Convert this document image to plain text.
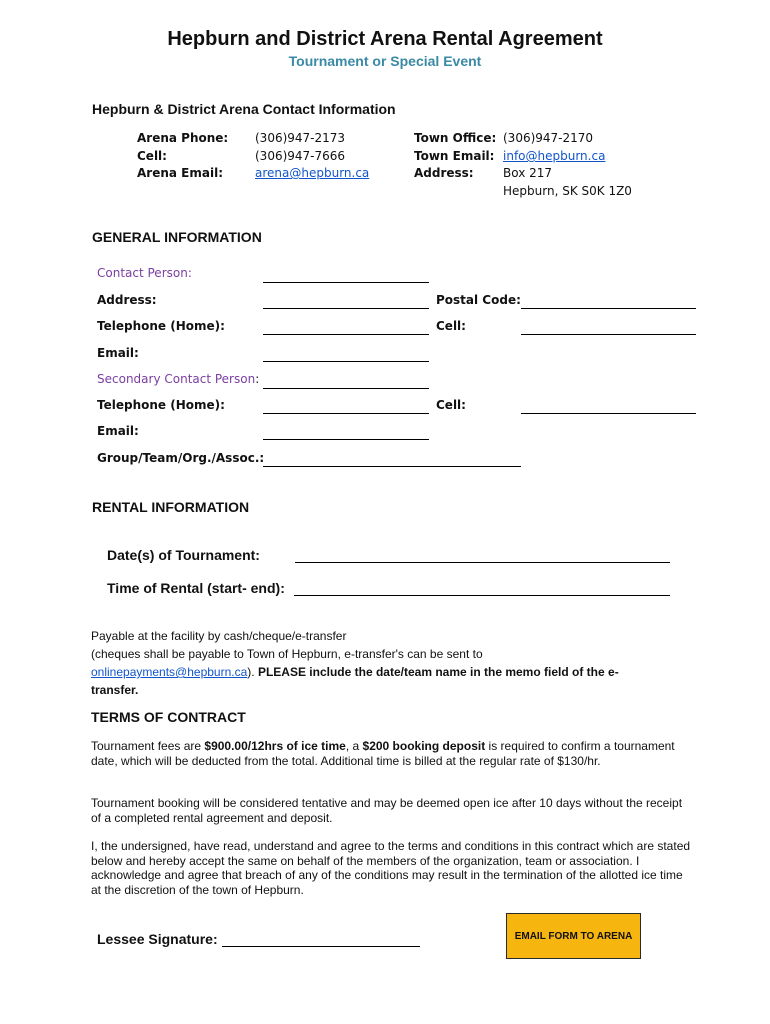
Hepburn and District Arena Rental Agreement
Tournament or Special Event
Hepburn & District Arena Contact Information
Arena Phone: (306)947-2173
Cell:	(306)947-7666
Arena Email:	arena@hepburn.ca
Town Office: (306)947-2170
Town Email: info@hepburn.ca
Address: Box 217
Hepburn, SK S0K 1Z0
GENERAL INFORMATION
Contact Person:
Address:	Postal Code:
Telephone (Home):	Cell:
Email:
Secondary Contact Person:
Telephone (Home):	Cell:
Email:
Group/Team/Org./Assoc.:
RENTAL INFORMATION
Date(s) of Tournament:
Time of Rental (start- end):
Payable at the facility by cash/cheque/e-transfer
(cheques shall be payable to Town of Hepburn, e-transfer's can be sent to
onlinepayments@hepburn.ca). PLEASE include the date/team name in the memo field of the e-
transfer.
TERMS OF CONTRACT
Tournament fees are $900.00/12hrs of ice time, a $200 booking deposit is required to confirm a tournament date, which will be deducted from the total. Additional time is billed at the regular rate of $130/hr.
Tournament booking will be considered tentative and may be deemed open ice after 10 days without the receipt of a completed rental agreement and deposit.
I, the undersigned, have read, understand and agree to the terms and conditions in this contract which are stated below and hereby accept the same on behalf of the members of the organization, team or association. I acknowledge and agree that breach of any of the conditions may result in the termination of the allotted ice time at the discretion of the town of Hepburn.
Lessee Signature:	EMAIL FORM TO ARENA
